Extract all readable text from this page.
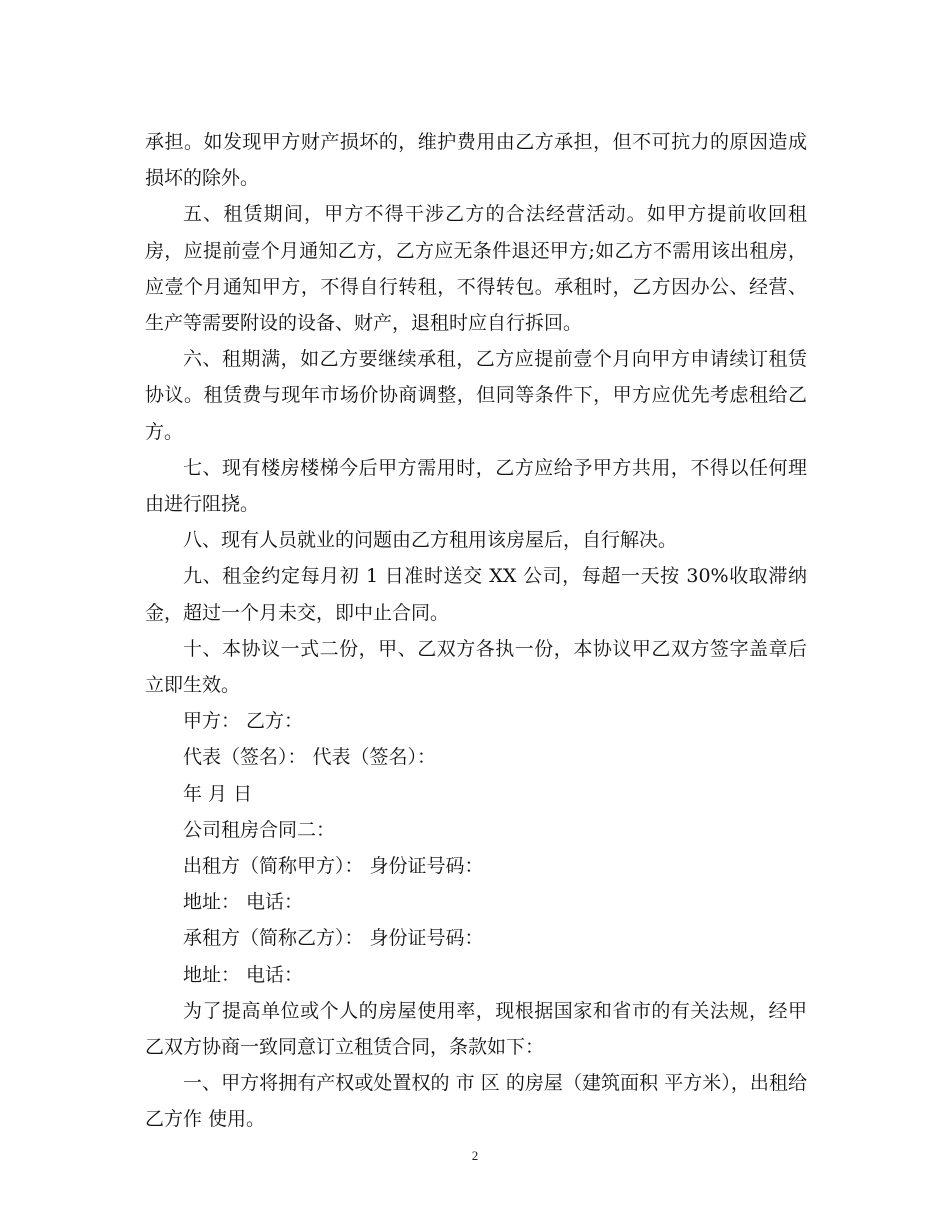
承担。如发现甲方财产损坏的，维护费用由乙方承担，但不可抗力的原因造成损坏的除外。

五、租赁期间，甲方不得干涉乙方的合法经营活动。如甲方提前收回租房，应提前壹个月通知乙方，乙方应无条件退还甲方;如乙方不需用该出租房，应壹个月通知甲方，不得自行转租，不得转包。承租时，乙方因办公、经营、生产等需要附设的设备、财产，退租时应自行拆回。

六、租期满，如乙方要继续承租，乙方应提前壹个月向甲方申请续订租赁协议。租赁费与现年市场价协商调整，但同等条件下，甲方应优先考虑租给乙方。

七、现有楼房楼梯今后甲方需用时，乙方应给予甲方共用，不得以任何理由进行阻挠。

八、现有人员就业的问题由乙方租用该房屋后，自行解决。

九、租金约定每月初 1 日准时送交 XX 公司，每超一天按 30%收取滞纳金，超过一个月未交，即中止合同。

十、本协议一式二份，甲、乙双方各执一份，本协议甲乙双方签字盖章后立即生效。

甲方： 乙方：

代表（签名）： 代表（签名）：

年 月 日

公司租房合同二：

出租方（简称甲方）： 身份证号码：

地址： 电话：

承租方（简称乙方）： 身份证号码：

地址： 电话：

为了提高单位或个人的房屋使用率，现根据国家和省市的有关法规，经甲乙双方协商一致同意订立租赁合同，条款如下：

一、甲方将拥有产权或处置权的 市 区 的房屋（建筑面积 平方米），出租给乙方作 使用。

2
